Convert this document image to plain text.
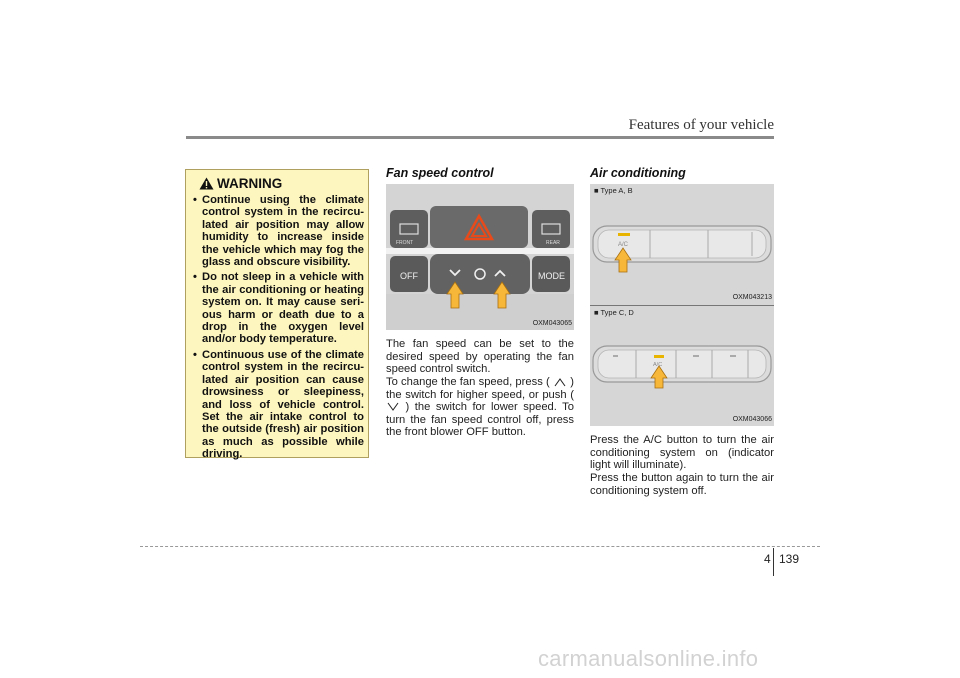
Features of your vehicle
WARNING
• Continue using the climate control system in the recircu-lated air position may allow humidity to increase inside the vehicle which may fog the glass and obscure visibility.
• Do not sleep in a vehicle with the air conditioning or heating system on. It may cause seri-ous harm or death due to a drop in the oxygen level and/or body temperature.
• Continuous use of the climate control system in the recircu-lated air position can cause drowsiness or sleepiness, and loss of vehicle control. Set the air intake control to the outside (fresh) air position as much as possible while driving.
Fan speed control
FRONT	REAR
OFF	MODE
OXM043065
The fan speed can be set to the desired speed by operating the fan speed control switch.
To change the fan speed, press ( ) the switch for higher speed, or push (  ) the switch for lower speed. To turn the fan speed control off, press the front blower OFF button.
Air conditioning
■ Type A, B
A/C
OXM043213
■ Type C, D
A/C
OXM043066
Press the A/C button to turn the air conditioning system on (indicator light will illuminate).
Press the button again to turn the air conditioning system off.
4 139
carmanualsonline.info
